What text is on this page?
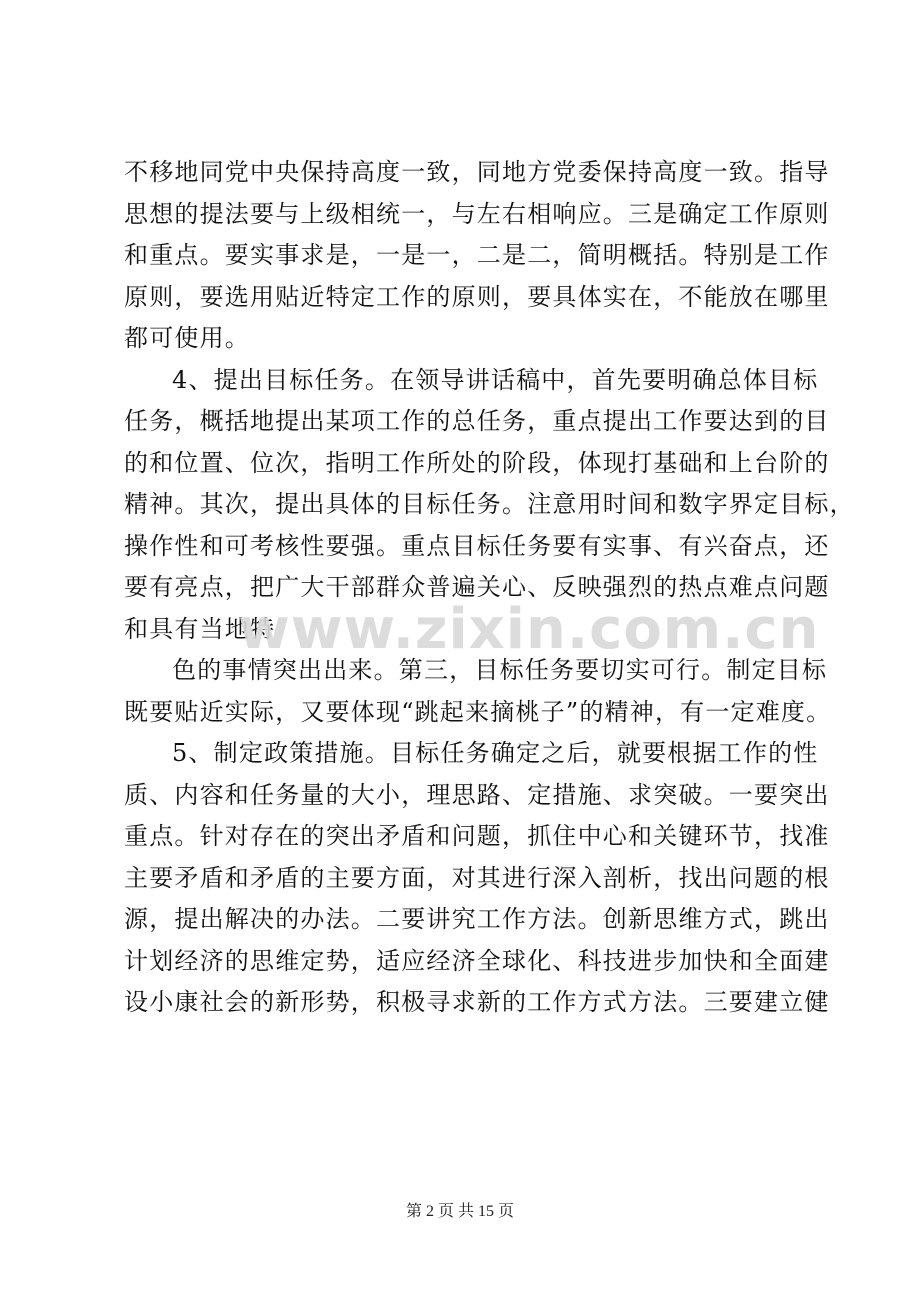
不移地同党中央保持高度一致，同地方党委保持高度一致。指导
思想的提法要与上级相统一，与左右相响应。三是确定工作原则
和重点。要实事求是，一是一，二是二，简明概括。特别是工作
原则，要选用贴近特定工作的原则，要具体实在，不能放在哪里
都可使用。
4、提出目标任务。在领导讲话稿中，首先要明确总体目标
任务，概括地提出某项工作的总任务，重点提出工作要达到的目
的和位置、位次，指明工作所处的阶段，体现打基础和上台阶的
精神。其次，提出具体的目标任务。注意用时间和数字界定目标，
操作性和可考核性要强。重点目标任务要有实事、有兴奋点，还
要有亮点，把广大干部群众普遍关心、反映强烈的热点难点问题
和具有当地特
色的事情突出出来。第三，目标任务要切实可行。制定目标
既要贴近实际，又要体现“跳起来摘桃子”的精神，有一定难度。
5、制定政策措施。目标任务确定之后，就要根据工作的性
质、内容和任务量的大小，理思路、定措施、求突破。一要突出
重点。针对存在的突出矛盾和问题，抓住中心和关键环节，找准
主要矛盾和矛盾的主要方面，对其进行深入剖析，找出问题的根
源，提出解决的办法。二要讲究工作方法。创新思维方式，跳出
计划经济的思维定势，适应经济全球化、科技进步加快和全面建
设小康社会的新形势，积极寻求新的工作方式方法。三要建立健
www.zixin.com.cn
第 2 页 共 15 页
